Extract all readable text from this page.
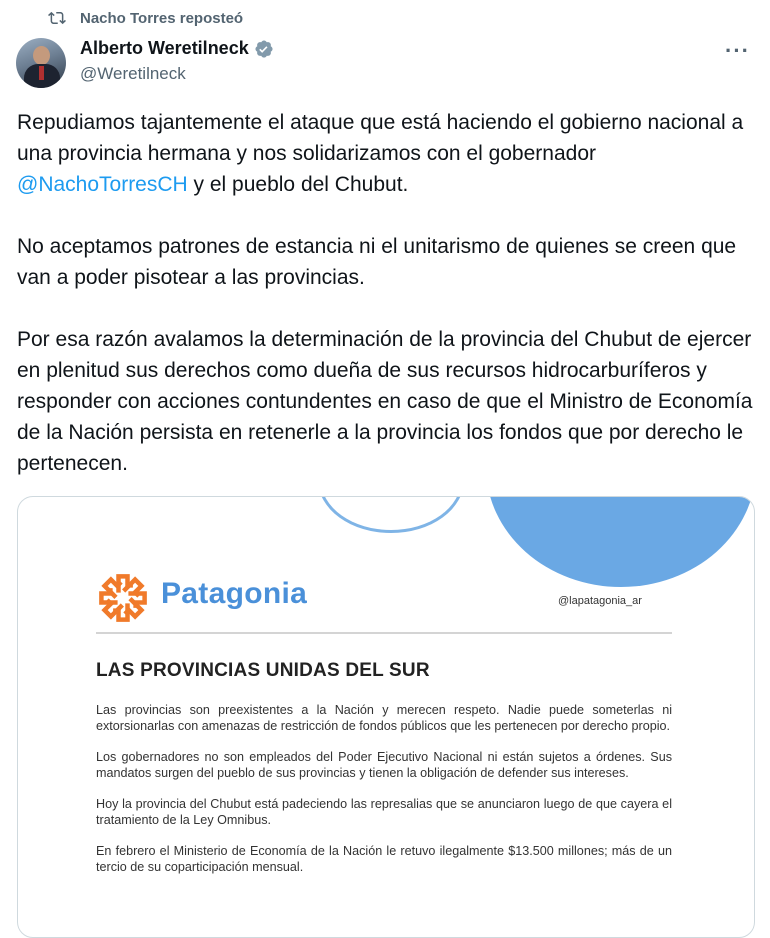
Nacho Torres reposteó
Alberto Weretilneck
@Weretilneck
···

Repudiamos tajantemente el ataque que está haciendo el gobierno nacional a una provincia hermana y nos solidarizamos con el gobernador @NachoTorresCH y el pueblo del Chubut.

No aceptamos patrones de estancia ni el unitarismo de quienes se creen que van a poder pisotear a las provincias.

Por esa razón avalamos la determinación de la provincia del Chubut de ejercer en plenitud sus derechos como dueña de sus recursos hidrocarburíferos y responder con acciones contundentes en caso de que el Ministro de Economía de la Nación persista en retenerle a la provincia los fondos que por derecho le pertenecen.

Patagonia	@lapatagonia_ar
LAS PROVINCIAS UNIDAS DEL SUR

Las provincias son preexistentes a la Nación y merecen respeto. Nadie puede someterlas ni extorsionarlas con amenazas de restricción de fondos públicos que les pertenecen por derecho propio.

Los gobernadores no son empleados del Poder Ejecutivo Nacional ni están sujetos a órdenes. Sus mandatos surgen del pueblo de sus provincias y tienen la obligación de defender sus intereses.

Hoy la provincia del Chubut está padeciendo las represalias que se anunciaron luego de que cayera el tratamiento de la Ley Omnibus.

En febrero el Ministerio de Economía de la Nación le retuvo ilegalmente $13.500 millones; más de un tercio de su coparticipación mensual.
